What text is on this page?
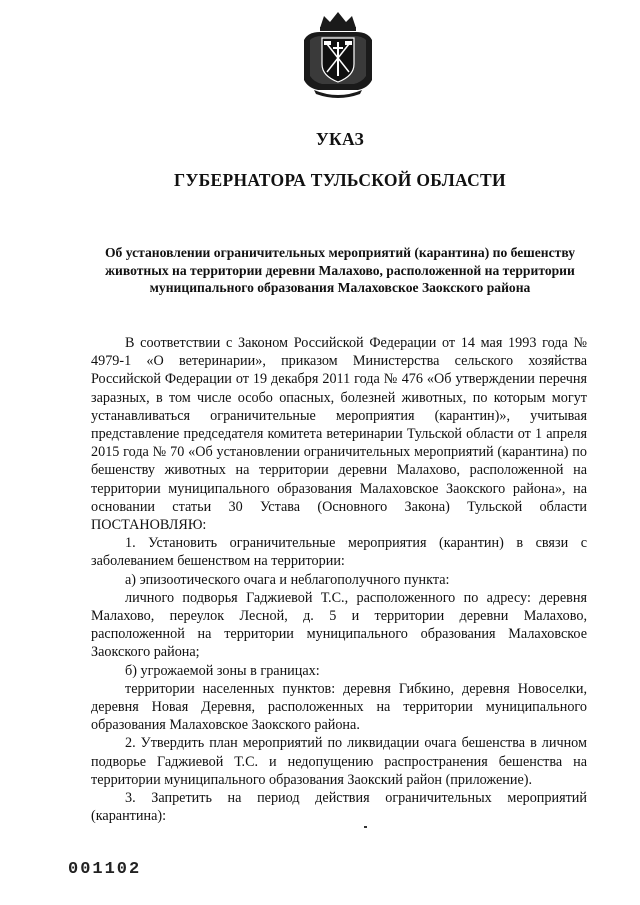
УКАЗ
ГУБЕРНАТОРА ТУЛЬСКОЙ ОБЛАСТИ
Об установлении ограничительных мероприятий (карантина) по бешенству животных на территории деревни Малахово, расположенной на территории муниципального образования Малаховское Заокского района

В соответствии с Законом Российской Федерации от 14 мая 1993 года № 4979-1 «О ветеринарии», приказом Министерства сельского хозяйства Российской Федерации от 19 декабря 2011 года № 476 «Об утверждении перечня заразных, в том числе особо опасных, болезней животных, по которым могут устанавливаться ограничительные мероприятия (карантин)», учитывая представление председателя комитета ветеринарии Тульской области от 1 апреля 2015 года № 70 «Об установлении ограничительных мероприятий (карантина) по бешенству животных на территории деревни Малахово, расположенной на территории муниципального образования Малаховское Заокского района», на основании статьи 30 Устава (Основного Закона) Тульской области ПОСТАНОВЛЯЮ:

1. Установить ограничительные мероприятия (карантин) в связи с заболеванием бешенством на территории:

а) эпизоотического очага и неблагополучного пункта:

личного подворья Гаджиевой Т.С., расположенного по адресу: деревня Малахово, переулок Лесной, д. 5 и территории деревни Малахово, расположенной на территории муниципального образования Малаховское Заокского района;

б) угрожаемой зоны в границах:

территории населенных пунктов: деревня Гибкино, деревня Новоселки, деревня Новая Деревня, расположенных на территории муниципального образования Малаховское Заокского района.

2. Утвердить план мероприятий по ликвидации очага бешенства в личном подворье Гаджиевой Т.С. и недопущению распространения бешенства на территории муниципального образования Заокский район (приложение).

3. Запретить на период действия ограничительных мероприятий (карантина):

001102
